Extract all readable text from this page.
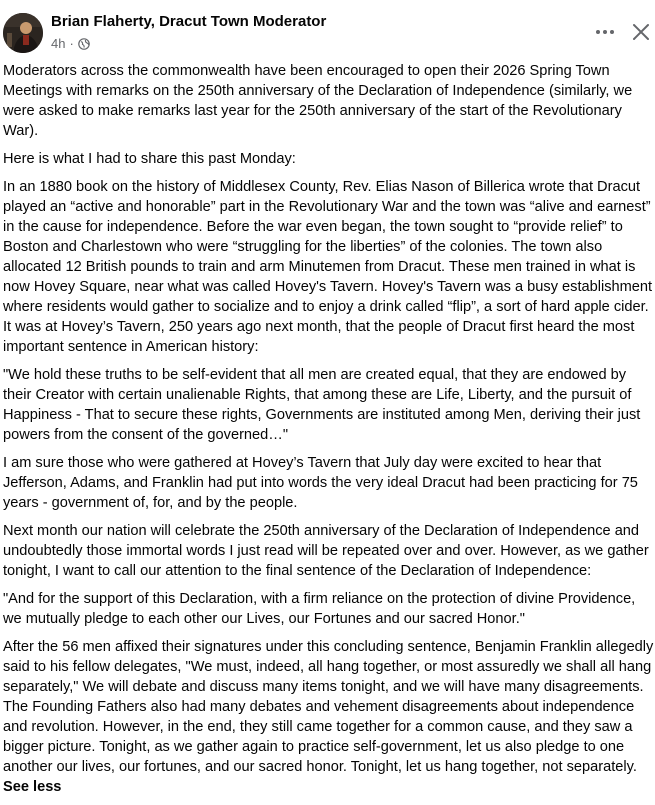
Brian Flaherty, Dracut Town Moderator
4h ·

Moderators across the commonwealth have been encouraged to open their 2026 Spring Town Meetings with remarks on the 250th anniversary of the Declaration of Independence (similarly, we were asked to make remarks last year for the 250th anniversary of the start of the Revolutionary War).

Here is what I had to share this past Monday:

In an 1880 book on the history of Middlesex County, Rev. Elias Nason of Billerica wrote that Dracut played an “active and honorable” part in the Revolutionary War and the town was “alive and earnest” in the cause for independence. Before the war even began, the town sought to “provide relief” to Boston and Charlestown who were “struggling for the liberties” of the colonies. The town also allocated 12 British pounds to train and arm Minutemen from Dracut. These men trained in what is now Hovey Square, near what was called Hovey's Tavern. Hovey's Tavern was a busy establishment where residents would gather to socialize and to enjoy a drink called “flip”, a sort of hard apple cider. It was at Hovey’s Tavern, 250 years ago next month, that the people of Dracut first heard the most important sentence in American history:

"We hold these truths to be self-evident that all men are created equal, that they are endowed by their Creator with certain unalienable Rights, that among these are Life, Liberty, and the pursuit of Happiness - That to secure these rights, Governments are instituted among Men, deriving their just powers from the consent of the governed…"

I am sure those who were gathered at Hovey’s Tavern that July day were excited to hear that Jefferson, Adams, and Franklin had put into words the very ideal Dracut had been practicing for 75 years - government of, for, and by the people.

Next month our nation will celebrate the 250th anniversary of the Declaration of Independence and undoubtedly those immortal words I just read will be repeated over and over. However, as we gather tonight, I want to call our attention to the final sentence of the Declaration of Independence:

"And for the support of this Declaration, with a firm reliance on the protection of divine Providence, we mutually pledge to each other our Lives, our Fortunes and our sacred Honor."

After the 56 men affixed their signatures under this concluding sentence, Benjamin Franklin allegedly said to his fellow delegates, "We must, indeed, all hang together, or most assuredly we shall all hang separately," We will debate and discuss many items tonight, and we will have many disagreements. The Founding Fathers also had many debates and vehement disagreements about independence and revolution. However, in the end, they still came together for a common cause, and they saw a bigger picture. Tonight, as we gather again to practice self-government, let us also pledge to one another our lives, our fortunes, and our sacred honor. Tonight, let us hang together, not separately. See less
